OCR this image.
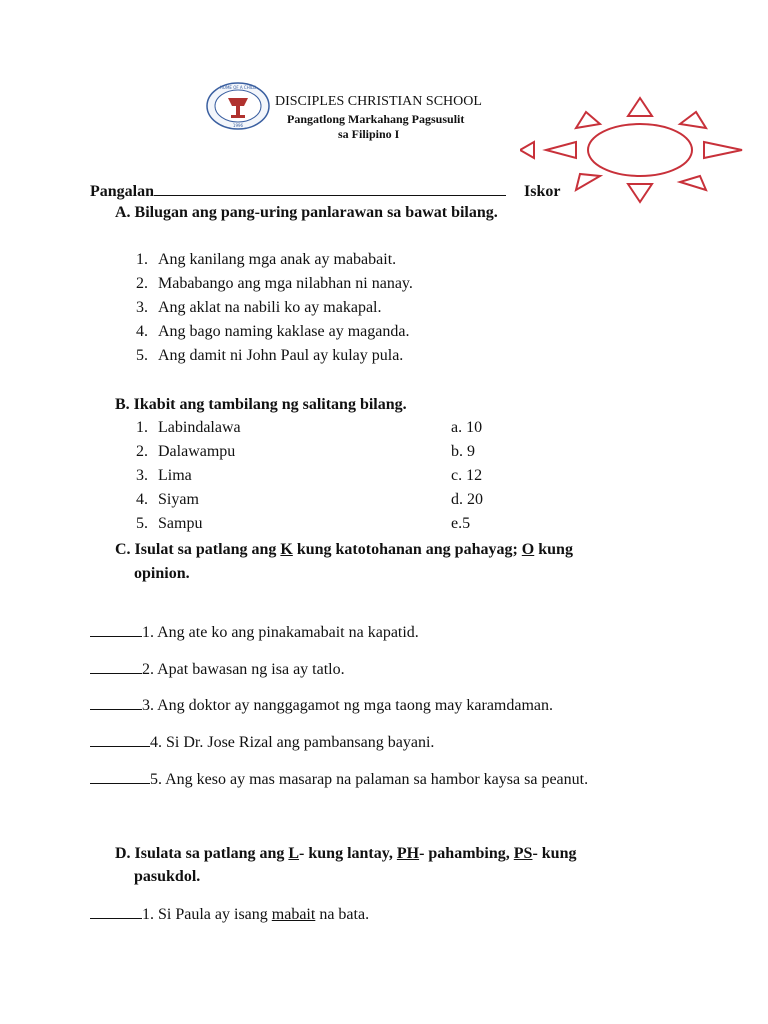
HOME OF A CHILD
1996
DISCIPLES CHRISTIAN SCHOOL
Pangatlong Markahang Pagsusulit
sa Filipino I
Pangalan	Iskor
A. Bilugan ang pang-uring panlarawan sa bawat bilang.
1. Ang kanilang mga anak ay mababait.
2. Mababango ang mga nilabhan ni nanay.
3. Ang aklat na nabili ko ay makapal.
4. Ang bago naming kaklase ay maganda.
5. Ang damit ni John Paul ay kulay pula.
B. Ikabit ang tambilang ng salitang bilang.
1. Labindalawa
2. Dalawampu
3. Lima
4. Siyam
5. Sampu
a. 10
b. 9
c. 12
d. 20
e.5
C. Isulat sa patlang ang K kung katotohanan ang pahayag; O kung
opinion.
1. Ang ate ko ang pinakamabait na kapatid.
2. Apat bawasan ng isa ay tatlo.
3. Ang doktor ay nanggagamot ng mga taong may karamdaman.
4. Si Dr. Jose Rizal ang pambansang bayani.
5. Ang keso ay mas masarap na palaman sa hambor kaysa sa peanut.
D. Isulata sa patlang ang L- kung lantay, PH- pahambing, PS- kung
pasukdol.
1. Si Paula ay isang mabait na bata.
